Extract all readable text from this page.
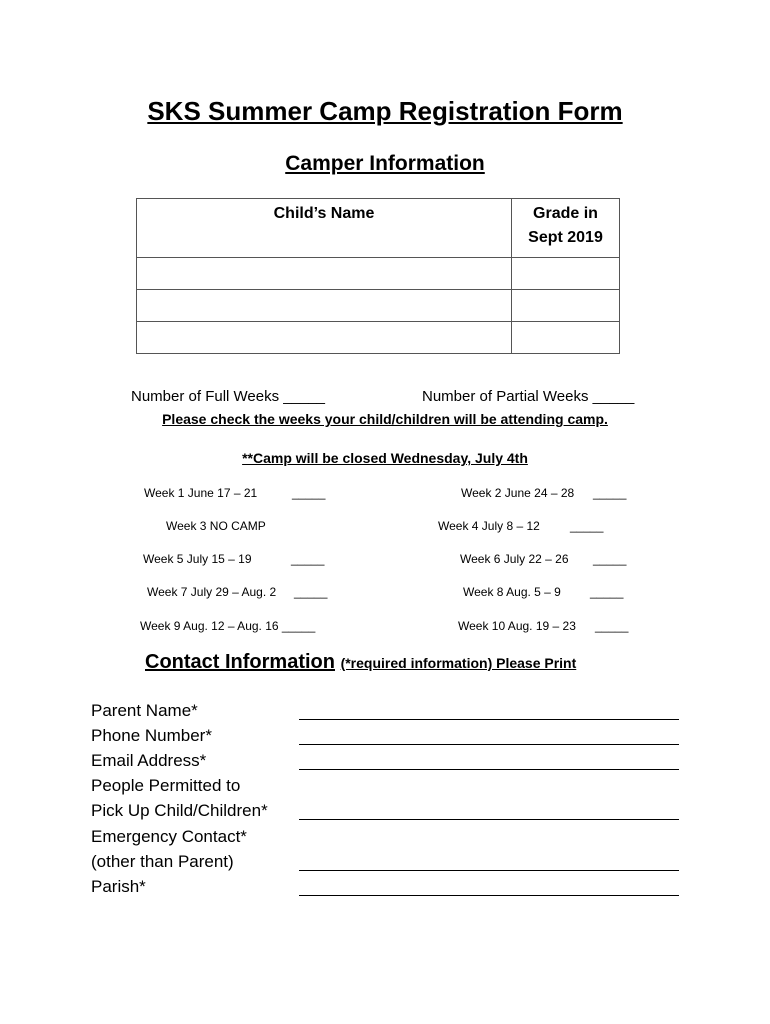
SKS Summer Camp Registration Form
Camper Information
Child’s Name	Grade in
Sept 2019

Number of Full Weeks _____	Number of Partial Weeks _____
Please check the weeks your child/children will be attending camp.
**Camp will be closed Wednesday, July 4th
Week 1 June 17 – 21	_____	Week 2 June 24 – 28 _____
Week 3 NO CAMP	Week 4 July 8 – 12	_____
Week 5 July 15 – 19	_____	Week 6 July 22 – 26 _____
Week 7 July 29 – Aug. 2 _____	Week 8 Aug. 5 – 9 _____
Week 9 Aug. 12 – Aug. 16 _____	Week 10 Aug. 19 – 23 _____
Contact Information (*required information) Please Print
Parent Name*
Phone Number*
Email Address*
People Permitted to
Pick Up Child/Children*
Emergency Contact*
(other than Parent)
Parish*
